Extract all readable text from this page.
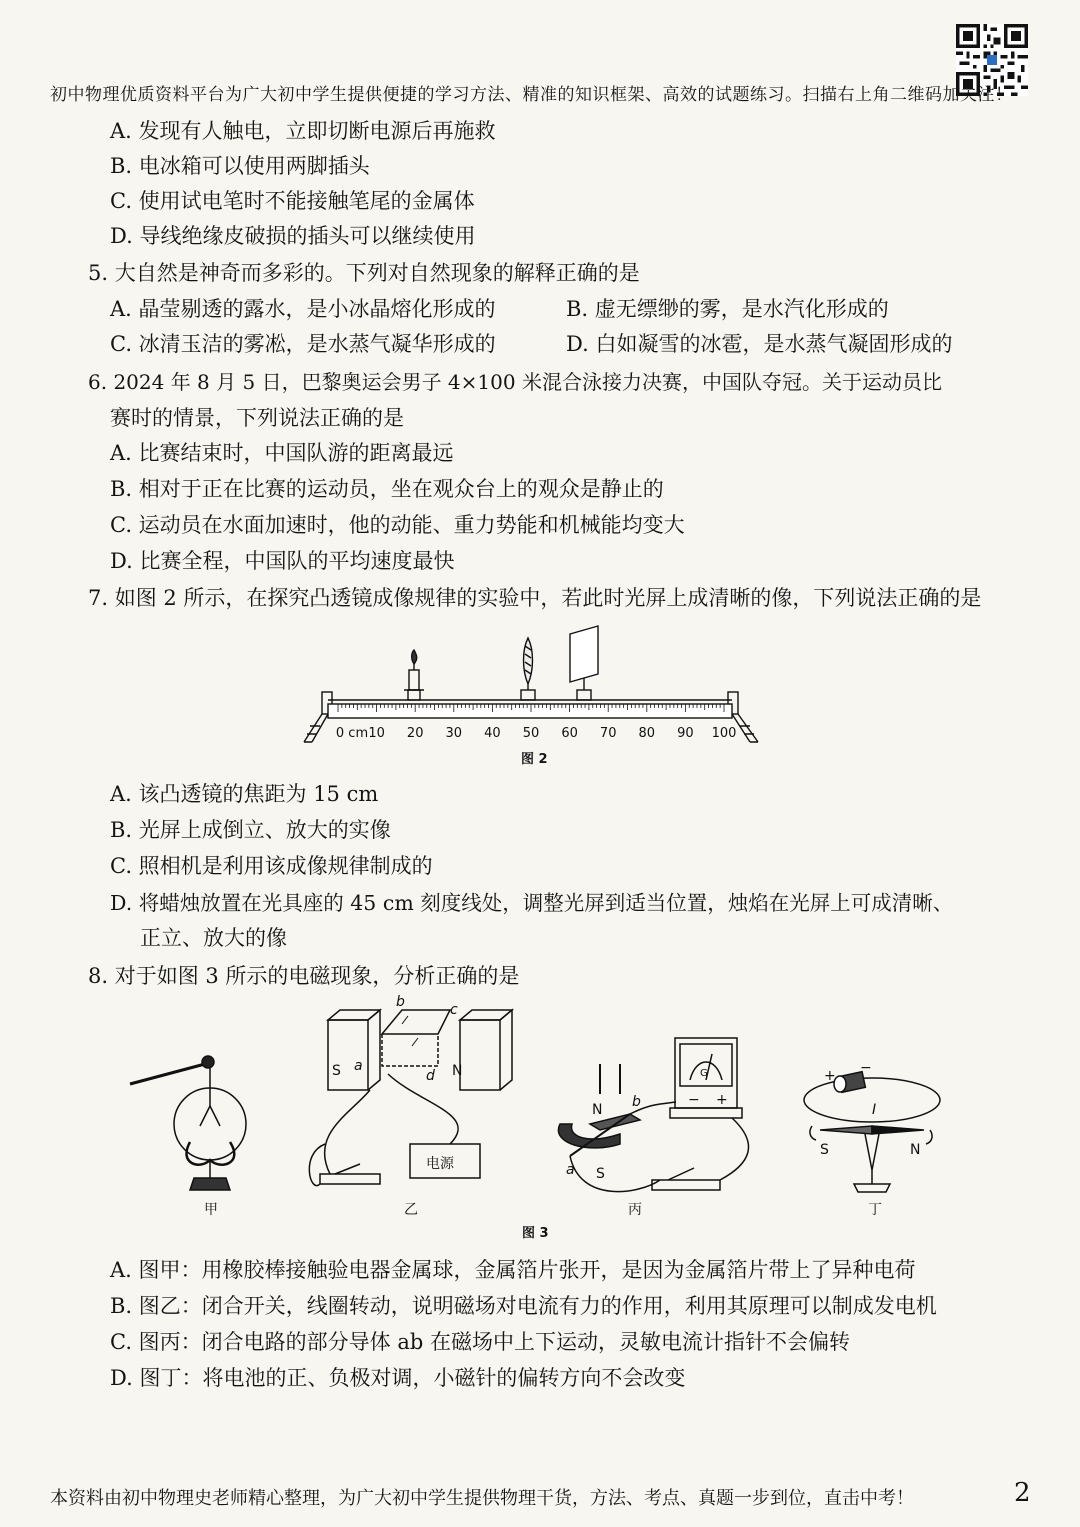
初中物理优质资料平台为广大初中学生提供便捷的学习方法、精准的知识框架、高效的试题练习。扫描右上角二维码加关注！
A. 发现有人触电，立即切断电源后再施救
B. 电冰箱可以使用两脚插头
C. 使用试电笔时不能接触笔尾的金属体
D. 导线绝缘皮破损的插头可以继续使用
5. 大自然是神奇而多彩的。下列对自然现象的解释正确的是
A. 晶莹剔透的露水，是小冰晶熔化形成的	B. 虚无缥缈的雾，是水汽化形成的
C. 冰清玉洁的雾凇，是水蒸气凝华形成的	D. 白如凝雪的冰雹，是水蒸气凝固形成的
6. 2024 年 8 月 5 日，巴黎奥运会男子 4×100 米混合泳接力决赛，中国队夺冠。关于运动员比
赛时的情景，下列说法正确的是
A. 比赛结束时，中国队游的距离最远
B. 相对于正在比赛的运动员，坐在观众台上的观众是静止的
C. 运动员在水面加速时，他的动能、重力势能和机械能均变大
D. 比赛全程，中国队的平均速度最快
7. 如图 2 所示，在探究凸透镜成像规律的实验中，若此时光屏上成清晰的像，下列说法正确的是
0 cm 10 20 30 40 50 60 70 80 90 100
图 2
A. 该凸透镜的焦距为 15 cm
B. 光屏上成倒立、放大的实像
C. 照相机是利用该成像规律制成的
D. 将蜡烛放置在光具座的 45 cm 刻度线处，调整光屏到适当位置，烛焰在光屏上可成清晰、
正立、放大的像
8. 对于如图 3 所示的电磁现象，分析正确的是
S	N
a
b	c
d
电源
N
S
a
b
G
− +
+ −
I
S	N
甲	乙	丙	丁
图 3
A. 图甲：用橡胶棒接触验电器金属球，金属箔片张开，是因为金属箔片带上了异种电荷
B. 图乙：闭合开关，线圈转动，说明磁场对电流有力的作用，利用其原理可以制成发电机
C. 图丙：闭合电路的部分导体 ab 在磁场中上下运动，灵敏电流计指针不会偏转
D. 图丁：将电池的正、负极对调，小磁针的偏转方向不会改变
本资料由初中物理史老师精心整理，为广大初中学生提供物理干货，方法、考点、真题一步到位，直击中考！	2
